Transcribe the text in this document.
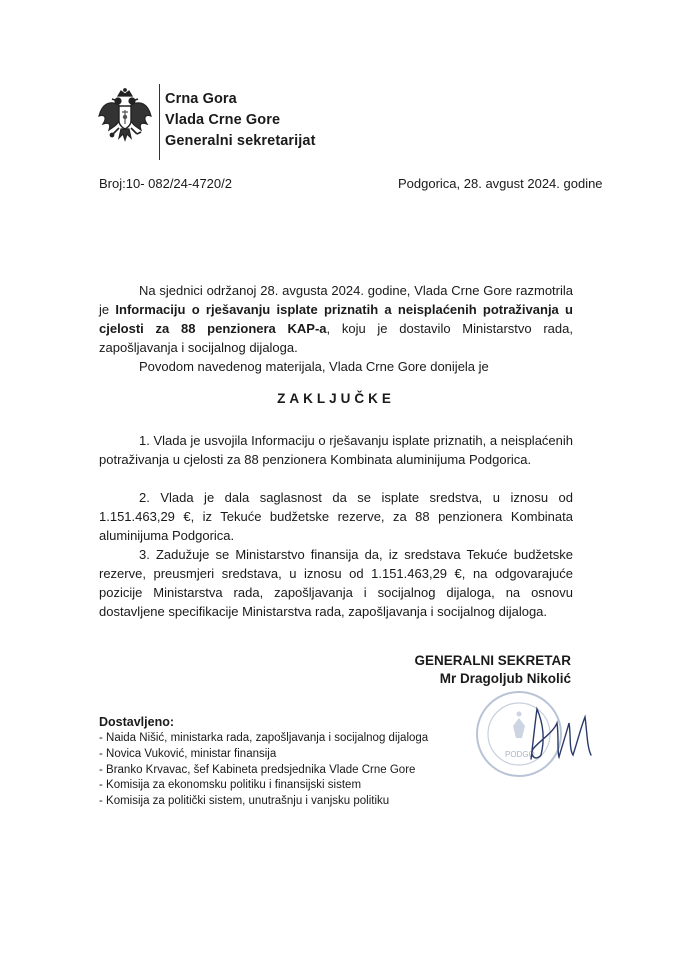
Crna Gora
Vlada Crne Gore
Generalni sekretarijat
Broj:10- 082/24-4720/2	Podgorica, 28. avgust 2024. godine
Na sjednici održanoj 28. avgusta 2024. godine, Vlada Crne Gore razmotrila je Informaciju o rješavanju isplate priznatih a neisplaćenih potraživanja u cjelosti za 88 penzionera KAP-a, koju je dostavilo Ministarstvo rada, zapošljavanja i socijalnog dijaloga.
Povodom navedenog materijala, Vlada Crne Gore donijela je
ZAKLJUČKE
1. Vlada je usvojila Informaciju o rješavanju isplate priznatih, a neisplaćenih potraživanja u cjelosti za 88 penzionera Kombinata aluminijuma Podgorica.
2. Vlada je dala saglasnost da se isplate sredstva, u iznosu od 1.151.463,29 €, iz Tekuće budžetske rezerve, za 88 penzionera Kombinata aluminijuma Podgorica.
3. Zadužuje se Ministarstvo finansija da, iz sredstava Tekuće budžetske rezerve, preusmjeri sredstava, u iznosu od 1.151.463,29 €, na odgovarajuće pozicije Ministarstva rada, zapošljavanja i socijalnog dijaloga, na osnovu dostavljene specifikacije Ministarstva rada, zapošljavanja i socijalnog dijaloga.
GENERALNI SEKRETAR
Mr Dragoljub Nikolić
PODGO
Dostavljeno:
- Naida Nišić, ministarka rada, zapošljavanja i socijalnog dijaloga
- Novica Vuković, ministar finansija
- Branko Krvavac, šef Kabineta predsjednika Vlade Crne Gore
- Komisija za ekonomsku politiku i finansijski sistem
- Komisija za politički sistem, unutrašnju i vanjsku politiku
